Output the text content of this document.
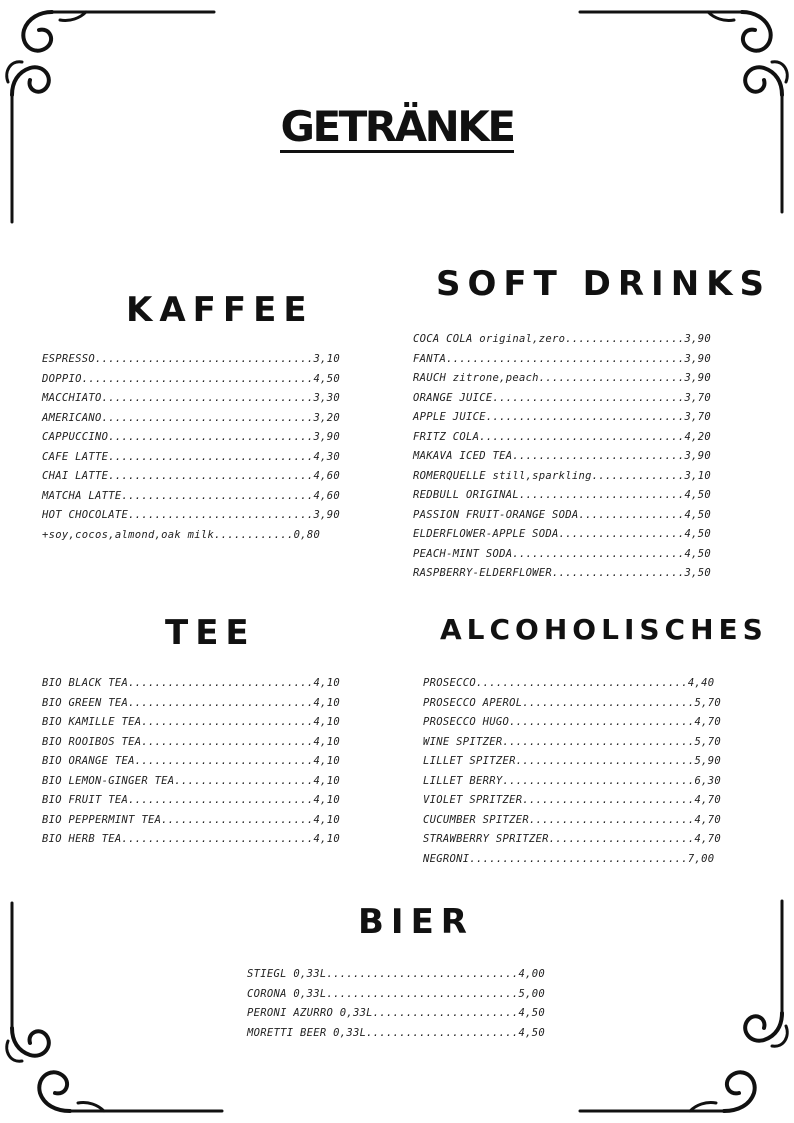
GETRÄNKE
KAFFEE
ESPRESSO.................................3,10
DOPPIO...................................4,50
MACCHIATO................................3,30
AMERICANO................................3,20
CAPPUCCINO...............................3,90
CAFE LATTE...............................4,30
CHAI LATTE...............................4,60
MATCHA LATTE.............................4,60
HOT CHOCOLATE............................3,90
+soy,cocos,almond,oak milk............0,80
SOFT DRINKS
COCA COLA original,zero..................3,90
FANTA....................................3,90
RAUCH zitrone,peach......................3,90
ORANGE JUICE.............................3,70
APPLE JUICE..............................3,70
FRITZ COLA...............................4,20
MAKAVA ICED TEA..........................3,90
ROMERQUELLE still,sparkling..............3,10
REDBULL ORIGINAL.........................4,50
PASSION FRUIT-ORANGE SODA................4,50
ELDERFLOWER-APPLE SODA...................4,50
PEACH-MINT SODA..........................4,50
RASPBERRY-ELDERFLOWER....................3,50
TEE
BIO BLACK TEA............................4,10
BIO GREEN TEA............................4,10
BIO KAMILLE TEA..........................4,10
BIO ROOIBOS TEA..........................4,10
BIO ORANGE TEA...........................4,10
BIO LEMON-GINGER TEA.....................4,10
BIO FRUIT TEA............................4,10
BIO PEPPERMINT TEA.......................4,10
BIO HERB TEA.............................4,10
ALCOHOLISCHES
PROSECCO................................4,40
PROSECCO APEROL..........................5,70
PROSECCO HUGO............................4,70
WINE SPITZER.............................5,70
LILLET SPITZER...........................5,90
LILLET BERRY.............................6,30
VIOLET SPRITZER..........................4,70
CUCUMBER SPITZER.........................4,70
STRAWBERRY SPRITZER......................4,70
NEGRONI.................................7,00
BIER
STIEGL 0,33L.............................4,00
CORONA 0,33L.............................5,00
PERONI AZURRO 0,33L......................4,50
MORETTI BEER 0,33L.......................4,50
